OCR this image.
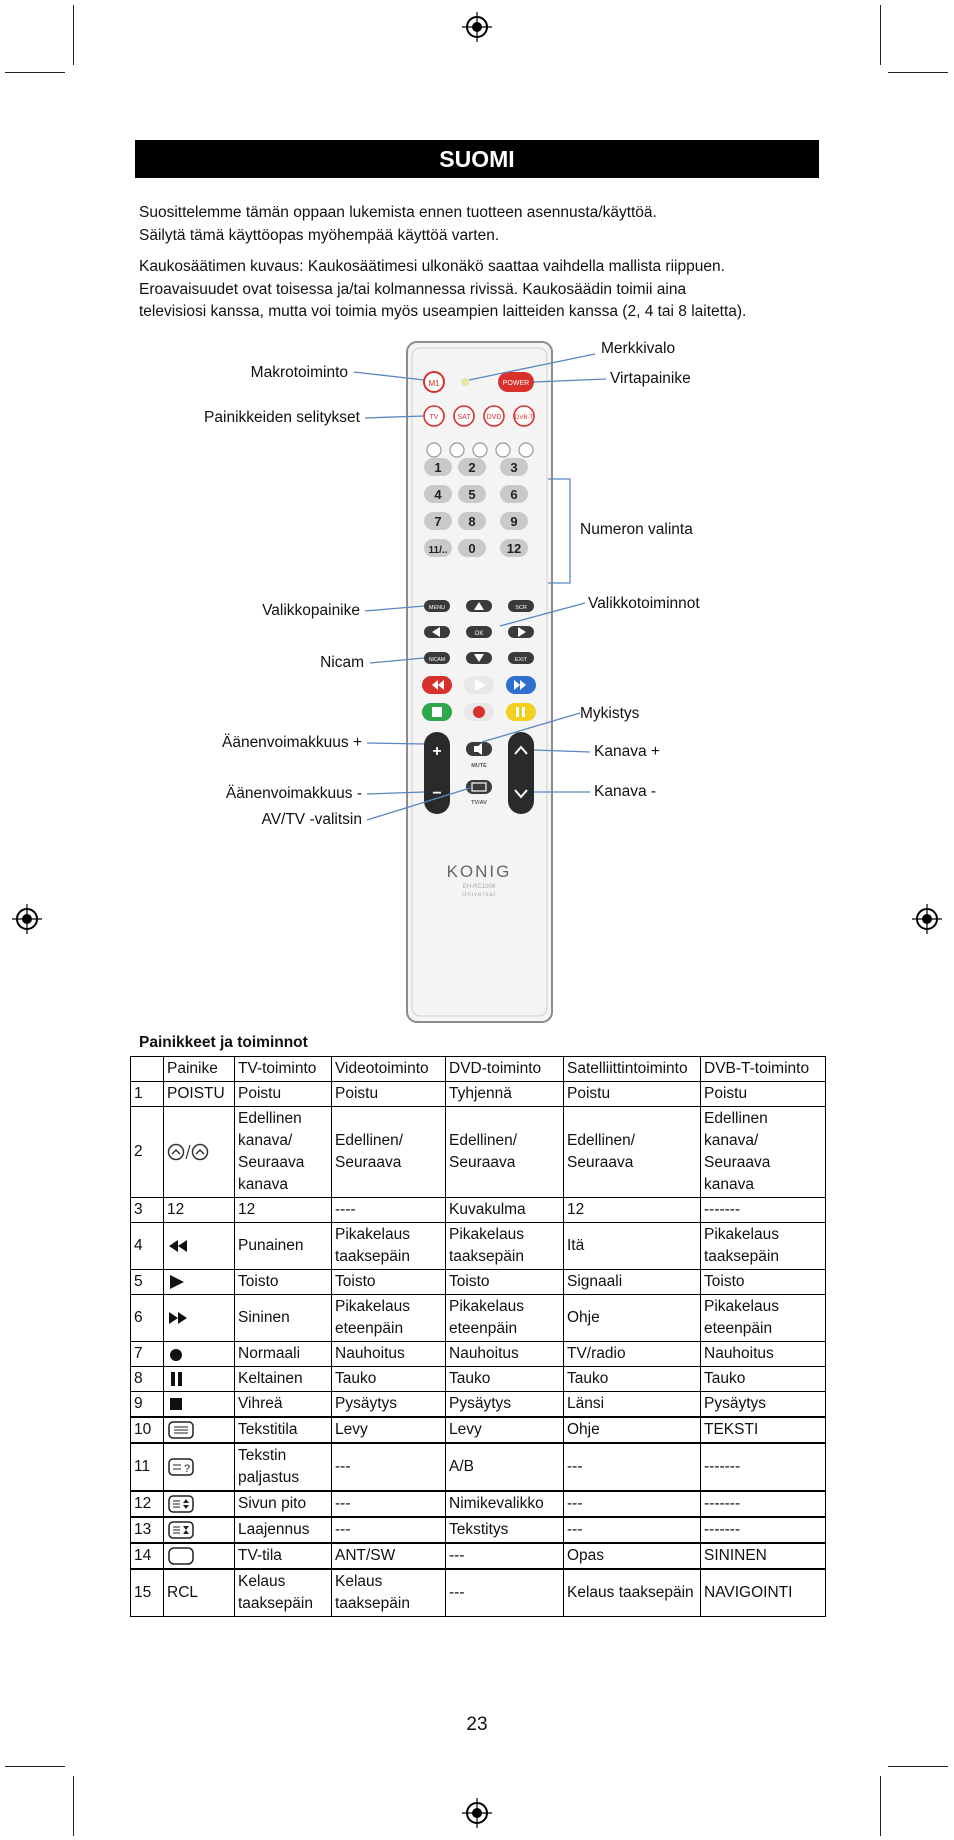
SUOMI
Suosittelemme tämän oppaan lukemista ennen tuotteen asennusta/käyttöä.
Säilytä tämä käyttöopas myöhempää käyttöä varten.
Kaukosäätimen kuvaus: Kaukosäätimesi ulkonäkö saattaa vaihdella mallista riippuen.
Eroavaisuudet ovat toisessa ja/tai kolmannessa rivissä. Kaukosäädin toimii aina
televisiosi kanssa, mutta voi toimia myös useampien laitteiden kanssa (2, 4 tai 8 laitetta).
M1	POWER
TV	SAT DVD DVB-T
1 2	3
4 5	6
7 8	9
11/.. 0 12
MENU	SCR
OK
NICAM	EXIT
+
−
MUTE
TV/AV
KONIG
EH-RC1006
Universal
Merkkivalo
Makrotoiminto	Virtapainike
Painikkeiden selitykset
Numeron valinta
Valikkopainike	Valikkotoiminnot
Nicam
Mykistys
Äänenvoimakkuus +
Kanava +
Äänenvoimakkuus -	Kanava -
AV/TV -valitsin
Painikkeet ja toiminnot
	Painike	TV-toiminto	Videotoiminto	DVD-toiminto	Satelliittintoiminto	DVB-T-toiminto
1	POISTU	Poistu	Poistu	Tyhjennä	Poistu	Poistu
2		Edellinen kanava/ Seuraava kanava	Edellinen/ Seuraava	Edellinen/ Seuraava	Edellinen/ Seuraava	Edellinen kanava/ Seuraava kanava
3	12	12	----	Kuvakulma	12	-------
4		Punainen	Pikakelaus taaksepäin	Pikakelaus taaksepäin	Itä	Pikakelaus taaksepäin
5		Toisto	Toisto	Toisto	Signaali	Toisto
6		Sininen	Pikakelaus eteenpäin	Pikakelaus eteenpäin	Ohje	Pikakelaus eteenpäin
7		Normaali	Nauhoitus	Nauhoitus	TV/radio	Nauhoitus
8		Keltainen	Tauko	Tauko	Tauko	Tauko
9		Vihreä	Pysäytys	Pysäytys	Länsi	Pysäytys
10		Tekstitila	Levy	Levy	Ohje	TEKSTI
11	?	Tekstin paljastus	---	A/B	---	-------
12		Sivun pito	---	Nimikevalikko	---	-------
13		Laajennus	---	Tekstitys	---	-------
14		TV-tila	ANT/SW	---	Opas	SININEN
15	RCL	Kelaus taaksepäin	Kelaus taaksepäin	---	Kelaus taaksepäin	NAVIGOINTI
23
